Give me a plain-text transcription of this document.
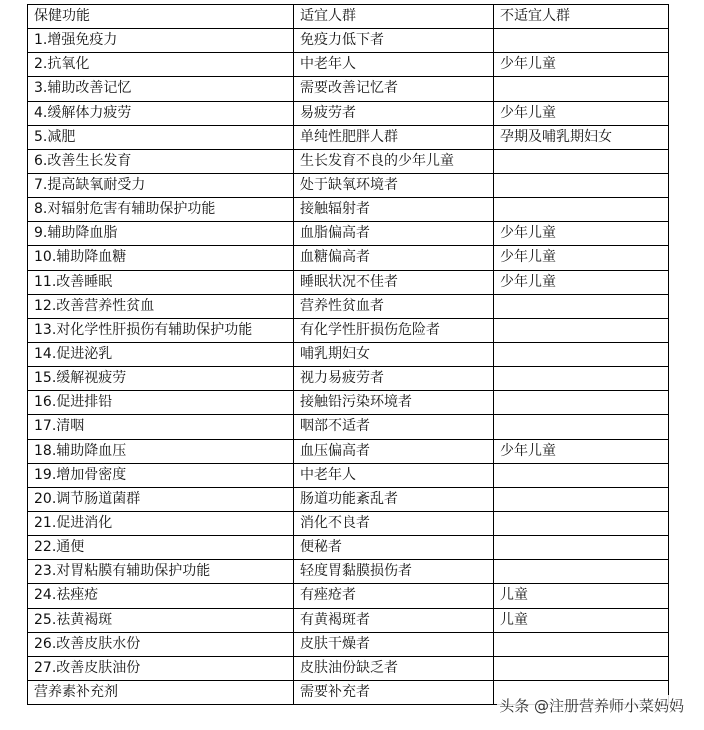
保健功能	适宜人群	不适宜人群
1.增强免疫力	免疫力低下者	
2.抗氧化	中老年人	少年儿童
3.辅助改善记忆	需要改善记忆者	
4.缓解体力疲劳	易疲劳者	少年儿童
5.减肥	单纯性肥胖人群	孕期及哺乳期妇女
6.改善生长发育	生长发育不良的少年儿童	
7.提高缺氧耐受力	处于缺氧环境者	
8.对辐射危害有辅助保护功能	接触辐射者	
9.辅助降血脂	血脂偏高者	少年儿童
10.辅助降血糖	血糖偏高者	少年儿童
11.改善睡眠	睡眠状况不佳者	少年儿童
12.改善营养性贫血	营养性贫血者	
13.对化学性肝损伤有辅助保护功能	有化学性肝损伤危险者	
14.促进泌乳	哺乳期妇女	
15.缓解视疲劳	视力易疲劳者	
16.促进排铅	接触铅污染环境者	
17.清咽	咽部不适者	
18.辅助降血压	血压偏高者	少年儿童
19.增加骨密度	中老年人	
20.调节肠道菌群	肠道功能紊乱者	
21.促进消化	消化不良者	
22.通便	便秘者	
23.对胃粘膜有辅助保护功能	轻度胃黏膜损伤者	
24.祛痤疮	有痤疮者	儿童
25.祛黄褐斑	有黄褐斑者	儿童
26.改善皮肤水份	皮肤干燥者	
27.改善皮肤油份	皮肤油份缺乏者	
营养素补充剂	需要补充者	
头条 @注册营养师小菜妈妈
